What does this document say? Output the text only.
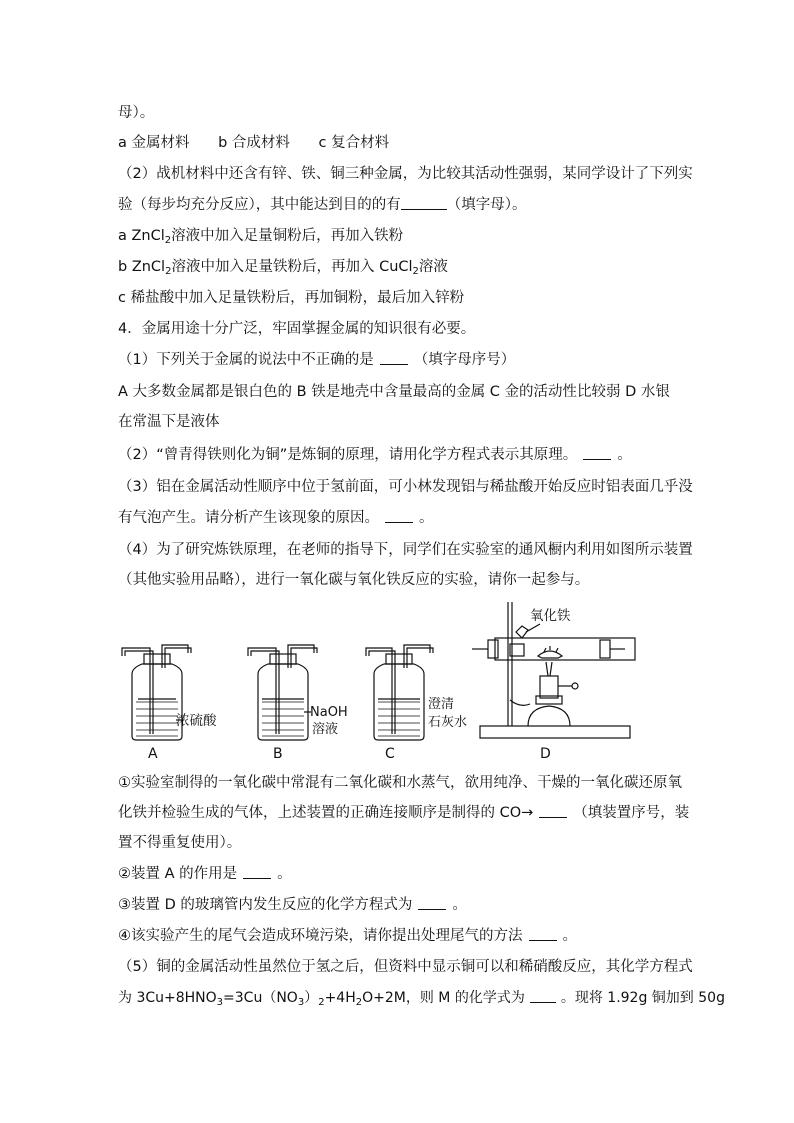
母）。
a 金属材料 b 合成材料 c 复合材料
（2）战机材料中还含有锌、铁、铜三种金属，为比较其活动性强弱，某同学设计了下列实
验（每步均充分反应），其中能达到目的的有	（填字母）。
a ZnCl$_2$溶液中加入足量铜粉后，再加入铁粉
b ZnCl$_2$溶液中加入足量铁粉后，再加入 CuCl$_2$溶液
c 稀盐酸中加入足量铁粉后，再加铜粉，最后加入锌粉
4．金属用途十分广泛，牢固掌握金属的知识很有必要。
（1）下列关于金属的说法中不正确的是	（填字母序号）
A 大多数金属都是银白色的 B 铁是地壳中含量最高的金属 C 金的活动性比较弱 D 水银
在常温下是液体
（2）“曾青得铁则化为铜”是炼铜的原理，请用化学方程式表示其原理。	。
（3）铝在金属活动性顺序中位于氢前面，可小林发现铝与稀盐酸开始反应时铝表面几乎没
有气泡产生。请分析产生该现象的原因。	。
（4）为了研究炼铁原理，在老师的指导下，同学们在实验室的通风橱内利用如图所示装置
（其他实验用品略），进行一氧化碳与氧化铁反应的实验，请你一起参与。
A
浓硫酸
B
NaOH
溶液
C
澄清
石灰水
D
氧化铁
①实验室制得的一氧化碳中常混有二氧化碳和水蒸气，欲用纯净、干燥的一氧化碳还原氧
化铁并检验生成的气体，上述装置的正确连接顺序是制得的 CO→	（填装置序号，装
置不得重复使用）。
②装置 A 的作用是	。
③装置 D 的玻璃管内发生反应的化学方程式为	。
④该实验产生的尾气会造成环境污染，请你提出处理尾气的方法	。
（5）铜的金属活动性虽然位于氢之后，但资料中显示铜可以和稀硝酸反应，其化学方程式
为 $3Cu+8HNO_3=3Cu(NO_3)_2+4H_2O+2M$，则 M 的化学式为	。现将 1.92g 铜加到 50g
